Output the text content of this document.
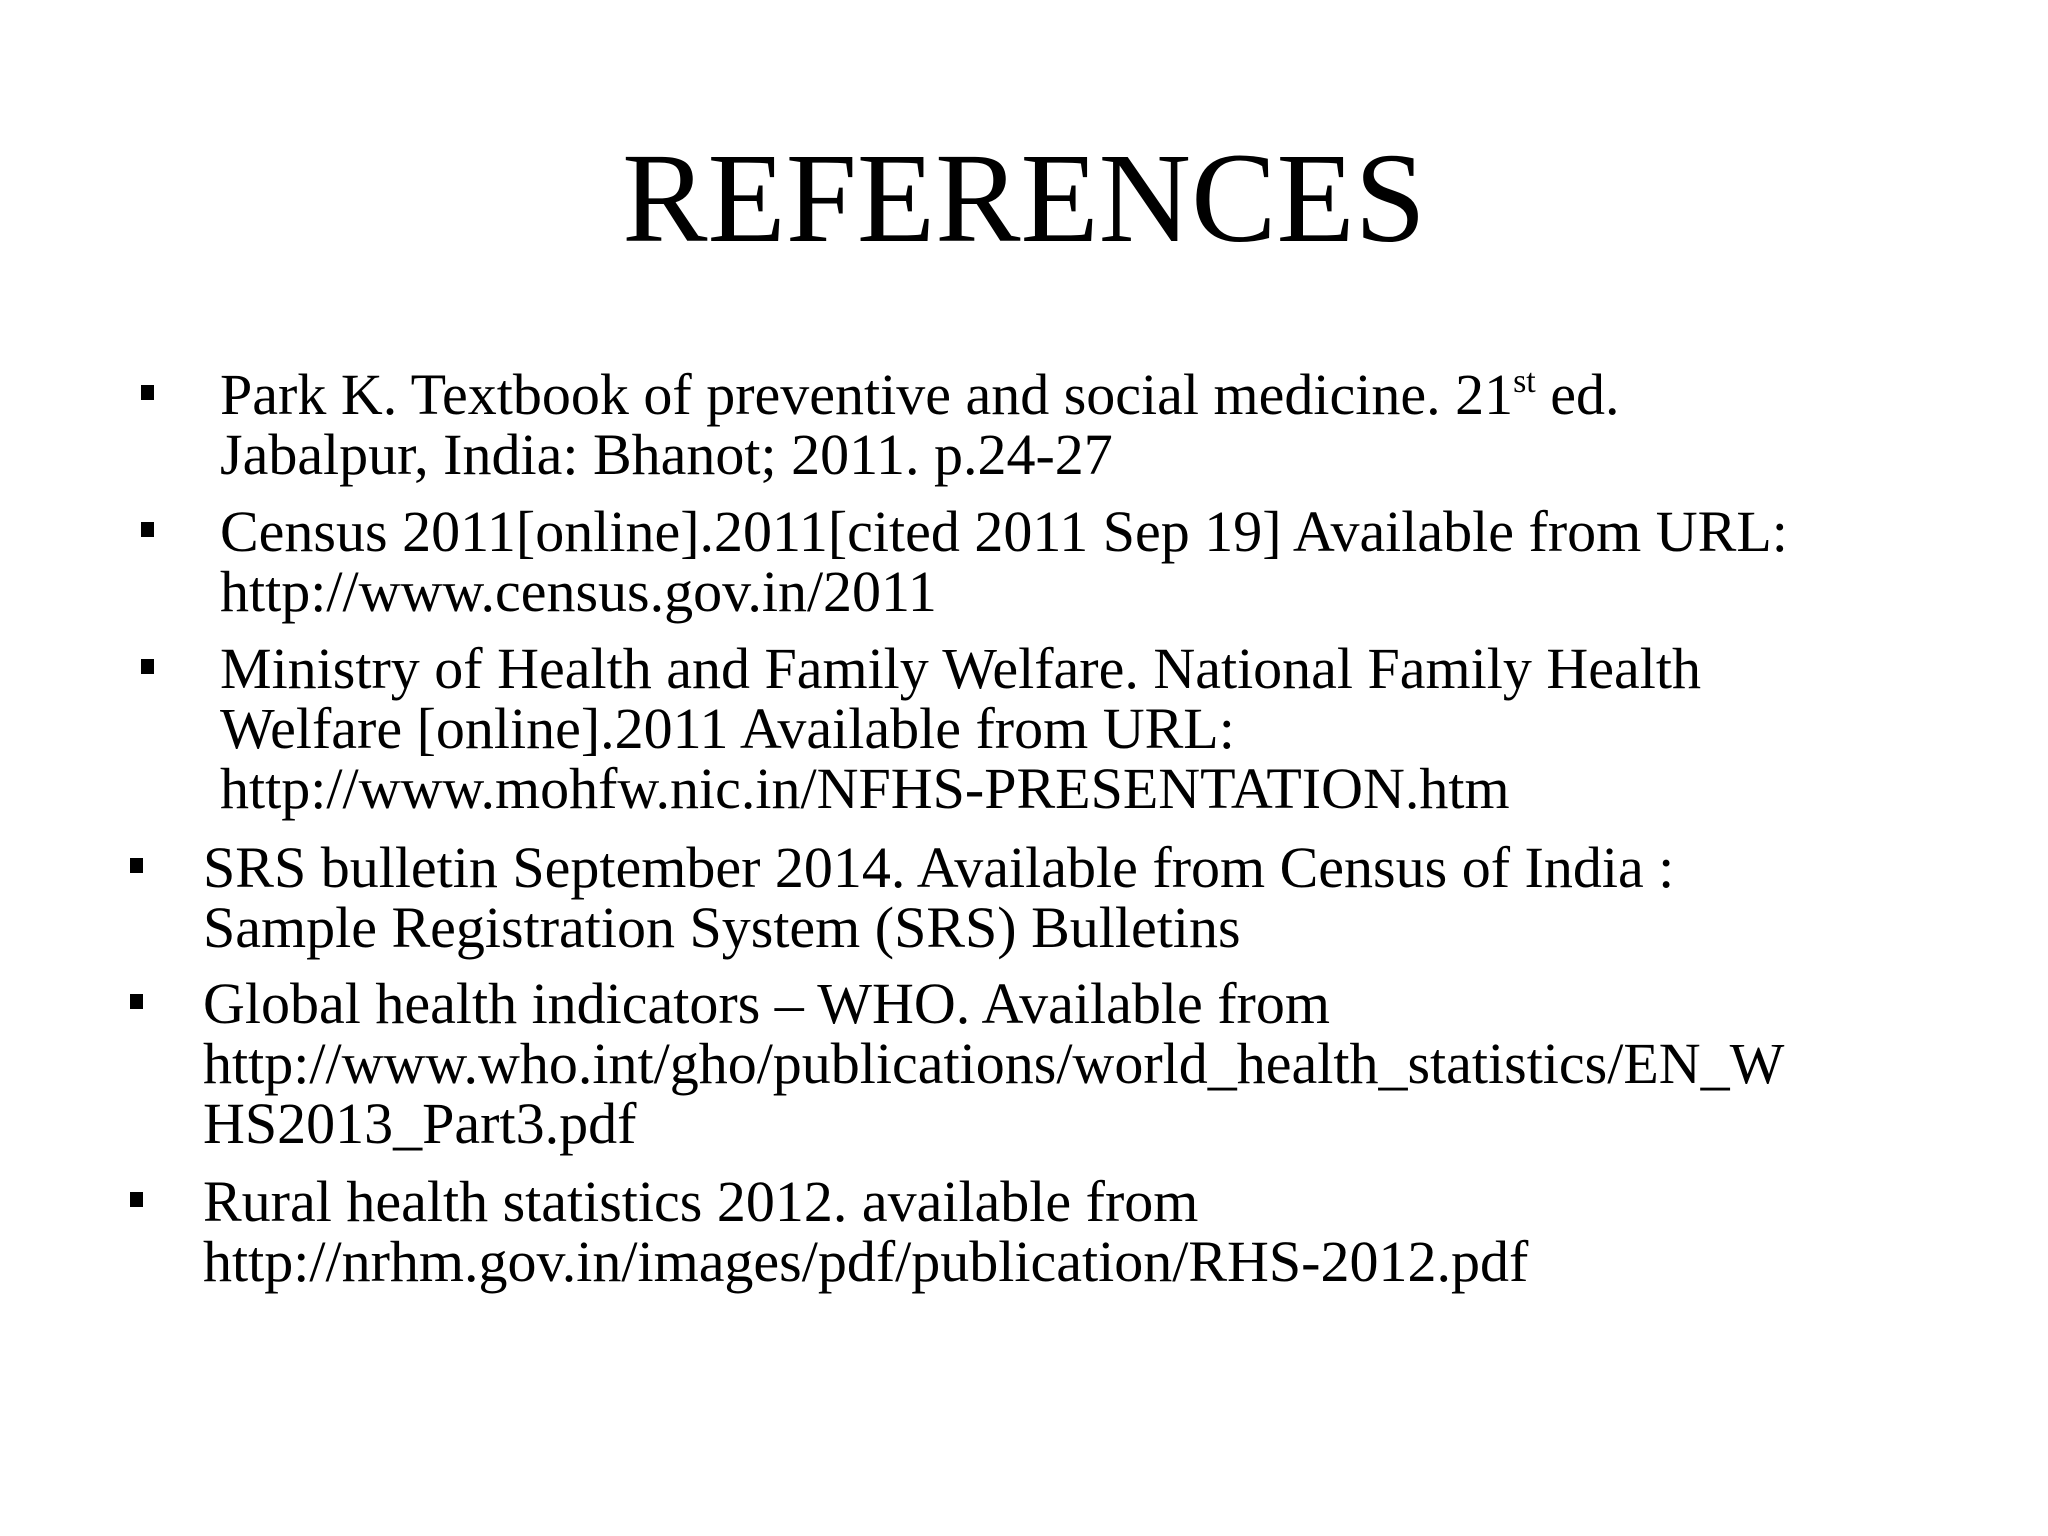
REFERENCES
Park K. Textbook of preventive and social medicine. 21st ed.
Jabalpur, India: Bhanot; 2011. p.24-27
Census 2011[online].2011[cited 2011 Sep 19] Available from URL:
http://www.census.gov.in/2011
Ministry of Health and Family Welfare. National Family Health
Welfare [online].2011 Available from URL:
http://www.mohfw.nic.in/NFHS-PRESENTATION.htm
SRS bulletin September 2014. Available from Census of India :
Sample Registration System (SRS) Bulletins
Global health indicators – WHO. Available from
http://www.who.int/gho/publications/world_health_statistics/EN_W
HS2013_Part3.pdf
Rural health statistics 2012. available from
http://nrhm.gov.in/images/pdf/publication/RHS-2012.pdf
